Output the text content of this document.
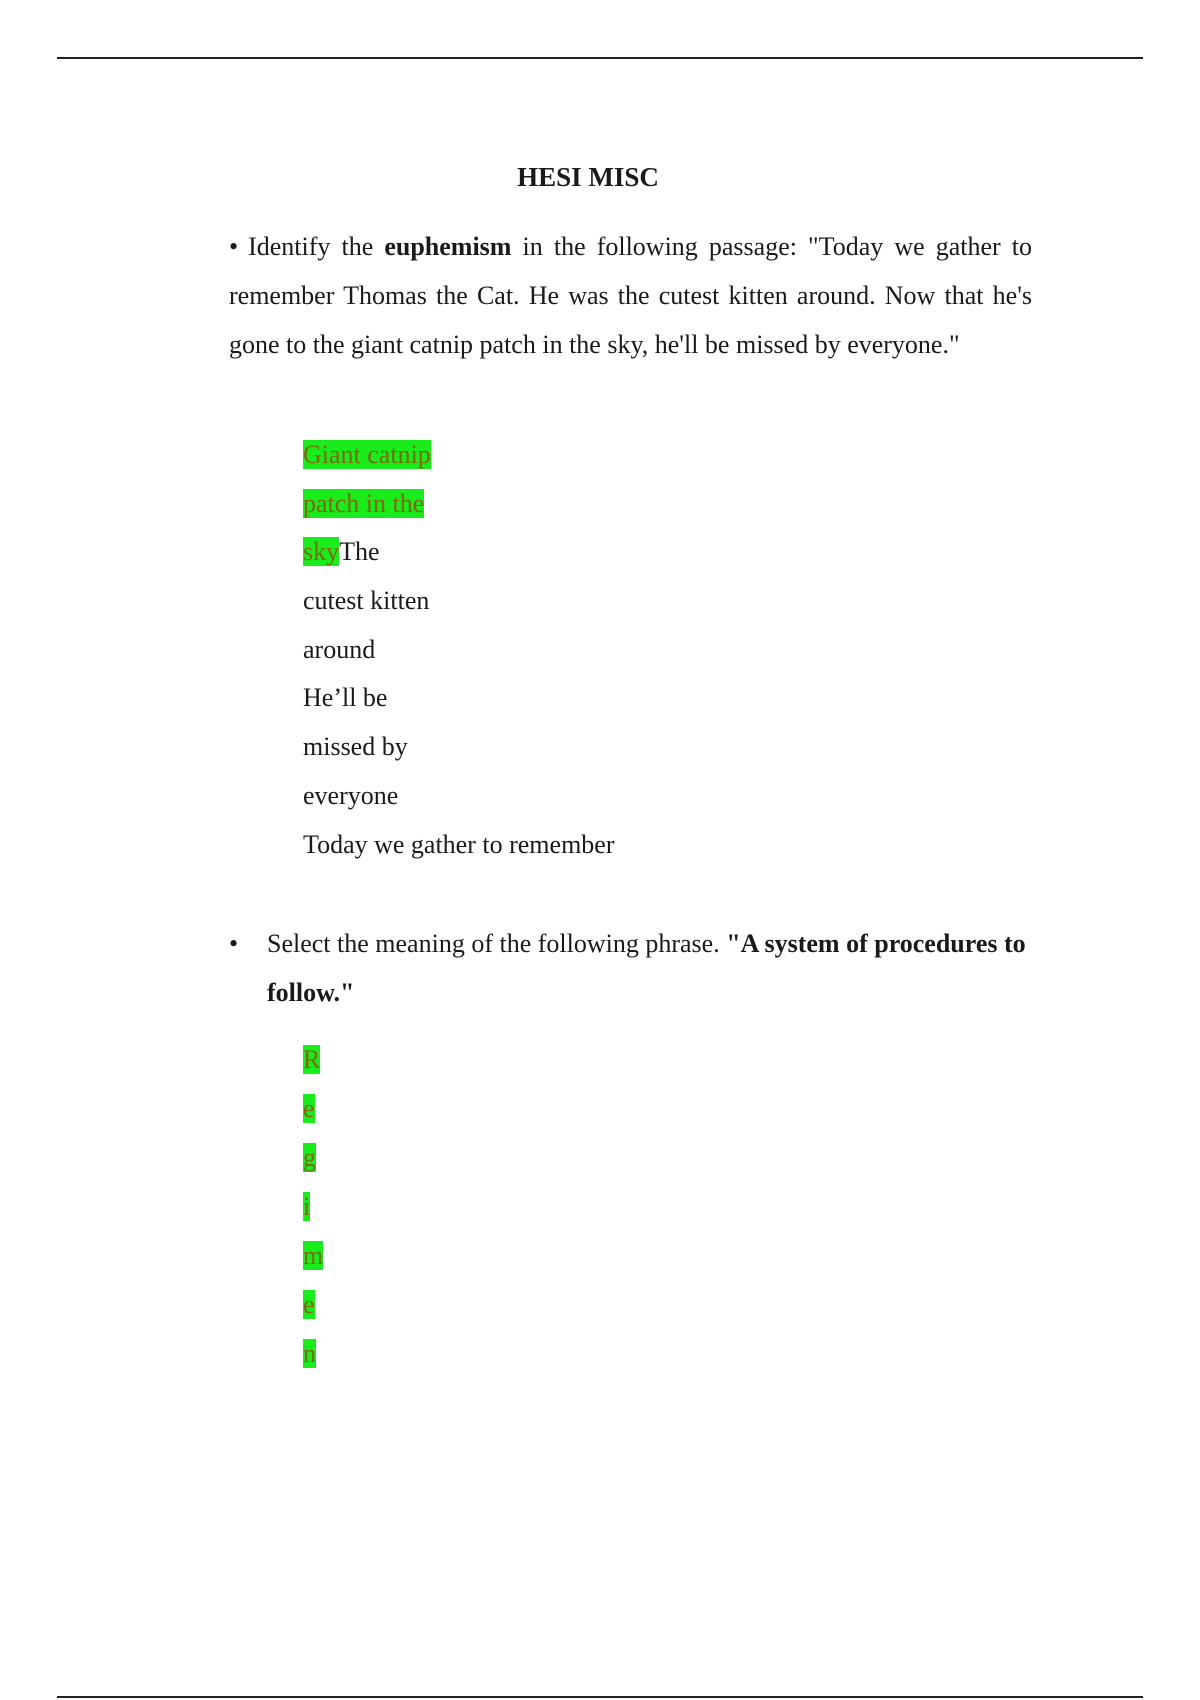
HESI MISC
• Identify the euphemism in the following passage: "Today we gather to remember Thomas the Cat. He was the cutest kitten around. Now that he's gone to the giant catnip patch in the sky, he'll be missed by everyone."
Giant catnip
patch in the
skyThe
cutest kitten
around
He’ll be
missed by
everyone
Today we gather to remember
• Select the meaning of the following phrase. "A system of procedures to follow."
R
e
g
i
m
e
n
